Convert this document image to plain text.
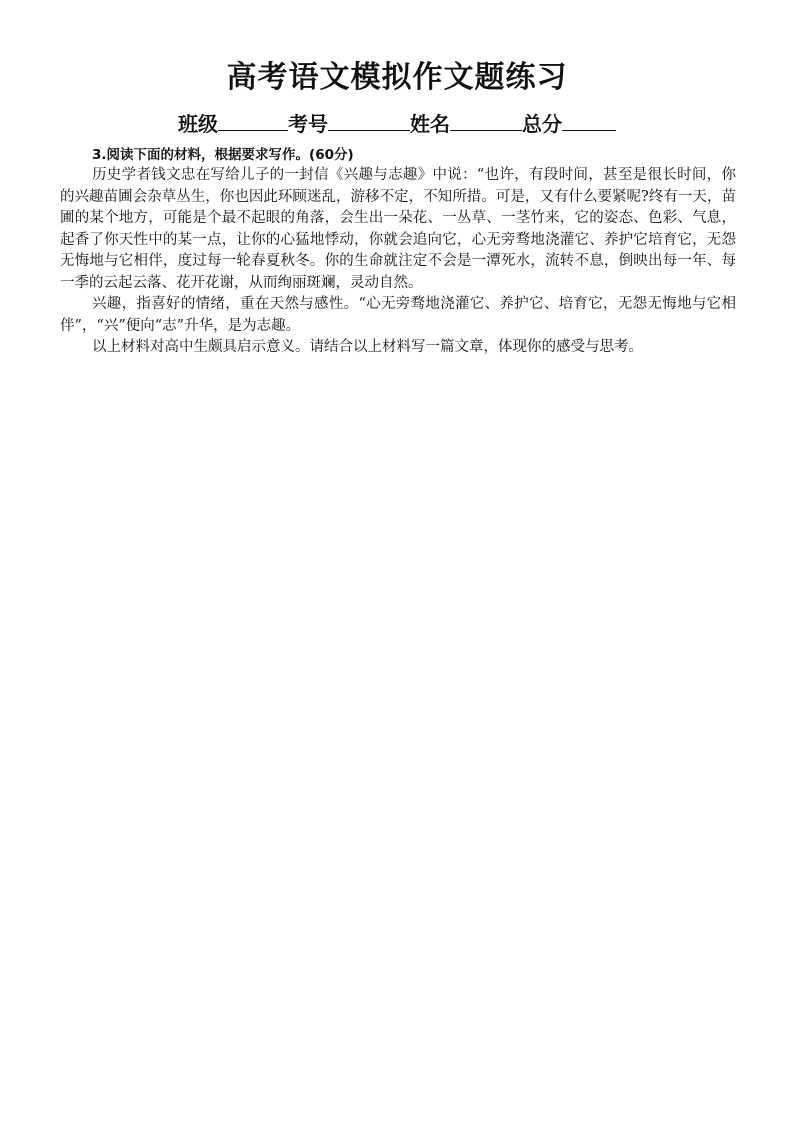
高考语文模拟作文题练习
班级	考号	姓名	总分

3.阅读下面的材料，根据要求写作。(60分)

历史学者钱文忠在写给儿子的一封信《兴趣与志趣》中说：“也许，有段时间，甚至是很长时间，你的兴趣苗圃会杂草丛生，你也因此环顾迷乱，游移不定，不知所措。可是，又有什么要紧呢?终有一天，苗圃的某个地方，可能是个最不起眼的角落，会生出一朵花、一丛草、一茎竹来，它的姿态、色彩、气息，起香了你天性中的某一点，让你的心猛地悸动，你就会追向它，心无旁骛地浇灌它、养护它培育它，无怨无悔地与它相伴，度过每一轮春夏秋冬。你的生命就注定不会是一潭死水，流转不息，倒映出每一年、每一季的云起云落、花开花谢，从而绚丽斑斓，灵动自然。

兴趣，指喜好的情绪，重在天然与感性。“心无旁骛地浇灌它、养护它、培育它，无怨无悔地与它相伴”，“兴”便向“志”升华，是为志趣。

以上材料对高中生颇具启示意义。请结合以上材料写一篇文章，体现你的感受与思考。
